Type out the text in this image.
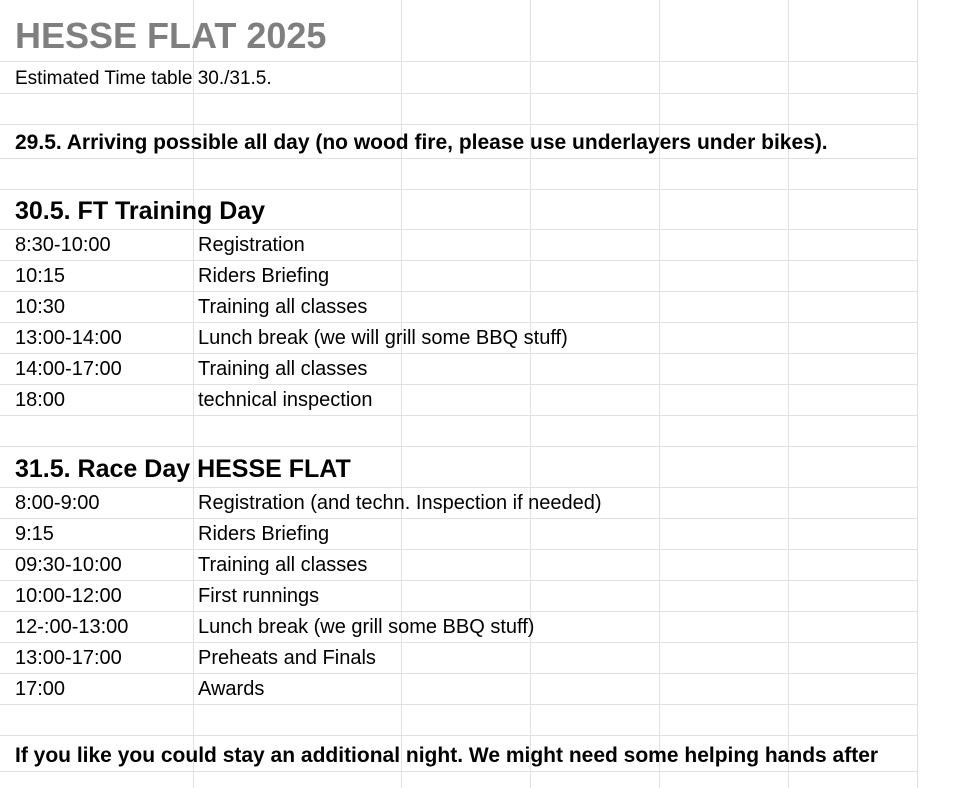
HESSE FLAT 2025
Estimated Time table 30./31.5.
29.5. Arriving possible all day (no wood fire, please use underlayers under bikes).
30.5. FT Training Day
8:30-10:00	Registration
10:15	Riders Briefing
10:30	Training all classes
13:00-14:00	Lunch break (we will grill some BBQ stuff)
14:00-17:00	Training all classes
18:00	technical inspection
31.5. Race Day HESSE FLAT
8:00-9:00	Registration (and techn. Inspection if needed)
9:15	Riders Briefing
09:30-10:00	Training all classes
10:00-12:00	First runnings
12-:00-13:00	Lunch break (we grill some BBQ stuff)
13:00-17:00	Preheats and Finals
17:00	Awards
If you like you could stay an additional night. We might need some helping hands after
